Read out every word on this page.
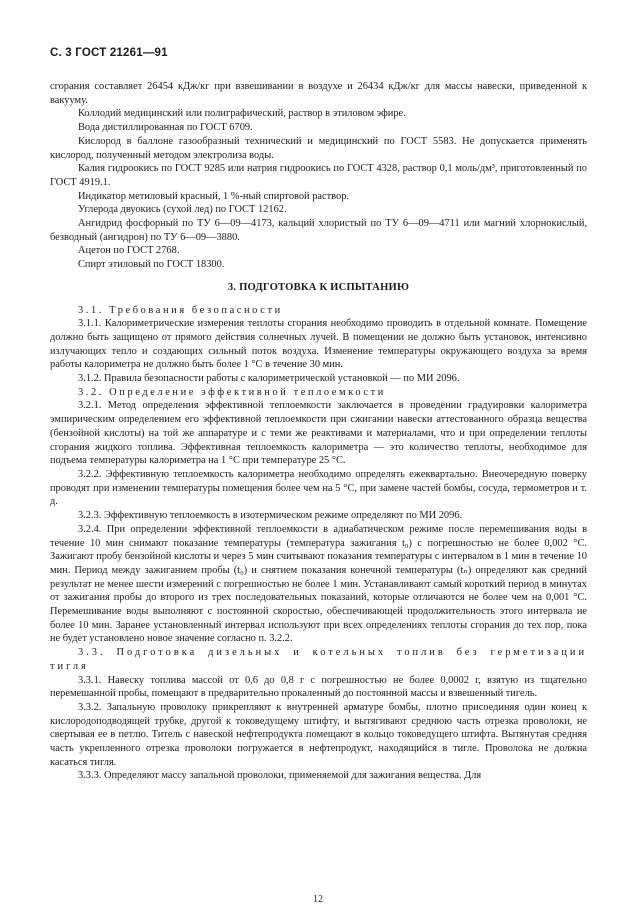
С. 3 ГОСТ 21261—91

сгорания составляет 26454 кДж/кг при взвешивании в воздухе и 26434 кДж/кг для массы навески, приведенной к вакууму.

Коллодий медицинский или полиграфический, раствор в этиловом эфире.

Вода дистиллированная по ГОСТ 6709.

Кислород в баллоне газообразный технический и медицинский по ГОСТ 5583. Не допускается применять кислород, полученный методом электролиза воды.

Калия гидроокись по ГОСТ 9285 или натрия гидроокись по ГОСТ 4328, раствор 0,1 моль/дм³, приготовленный по ГОСТ 4919.1.

Индикатор метиловый красный, 1 %-ный спиртовой раствор.

Углерода двуокись (сухой лед) по ГОСТ 12162.

Ангидрид фосфорный по ТУ 6—09—4173, кальций хлористый по ТУ 6—09—4711 или магний хлорнокислый, безводный (ангидрон) по ТУ 6—09—3880.

Ацетон по ГОСТ 2768.

Спирт этиловый по ГОСТ 18300.

3. ПОДГОТОВКА К ИСПЫТАНИЮ

3.1. Требования безопасности

3.1.1. Калориметрические измерения теплоты сгорания необходимо проводить в отдельной комнате. Помещение должно быть защищено от прямого действия солнечных лучей. В помещении не должно быть установок, интенсивно излучающих тепло и создающих сильный поток воздуха. Изменение температуры окружающего воздуха за время работы калориметра не должно быть более 1 °С в течение 30 мин.

3.1.2. Правила безопасности работы с калориметрической установкой — по МИ 2096.

3.2. Определение эффективной теплоемкости

3.2.1. Метод определения эффективной теплоемкости заключается в проведении градуировки калориметра эмпирическим определением его эффективной теплоемкости при сжигании навески аттестованного образца вещества (бензойной кислоты) на той же аппаратуре и с теми же реактивами и материалами, что и при определении теплоты сгорания жидкого топлива. Эффективная теплоемкость калориметра — это количество теплоты, необходимое для подъема температуры калориметра на 1 °С при температуре 25 °С.

3.2.2. Эффективную теплоемкость калориметра необходимо определять ежеквартально. Внеочередную поверку проводят при изменении температуры помещения более чем на 5 °С, при замене частей бомбы, сосуда, термометров и т. д.

3.2.3. Эффективную теплоемкость в изотермическом режиме определяют по МИ 2096.

3.2.4. При определении эффективной теплоемкости в адиабатическом режиме после перемешивания воды в течение 10 мин снимают показание температуры (температура зажигания t₀) с погрешностью не более 0,002 °С. Зажигают пробу бензойной кислоты и через 5 мин считывают показания температуры с интервалом в 1 мин в течение 10 мин. Период между зажиганием пробы (t₀) и снятием показания конечной температуры (tₙ) определяют как средний результат не менее шести измерений с погрешностью не более 1 мин. Устанавливают самый короткий период в минутах от зажигания пробы до второго из трех последовательных показаний, которые отличаются не более чем на 0,001 °С. Перемешивание воды выполняют с постоянной скоростью, обеспечивающей продолжительность этого интервала не более 10 мин. Заранее установленный интервал используют при всех определениях теплоты сгорания до тех пор, пока не будет установлено новое значение согласно п. 3.2.2.

3.3. Подготовка дизельных и котельных топлив без герметизации тигля

3.3.1. Навеску топлива массой от 0,6 до 0,8 г с погрешностью не более 0,0002 г, взятую из тщательно перемешанной пробы, помещают в предварительно прокаленный до постоянной массы и взвешенный тигель.

3.3.2. Запальную проволоку прикрепляют к внутренней арматуре бомбы, плотно присоединяя один конец к кислородоподводящей трубке, другой к токоведущему штифту, и вытягивают среднюю часть отрезка проволоки, не свертывая ее в петлю. Титель с навеской нефтепродукта помещают в кольцо токоведущего штифта. Вытянутая средняя часть укрепленного отрезка проволоки погружается в нефтепродукт, находящийся в тигле. Проволока не должна касаться тигля.

3.3.3. Определяют массу запальной проволоки, применяемой для зажигания вещества. Для

12
